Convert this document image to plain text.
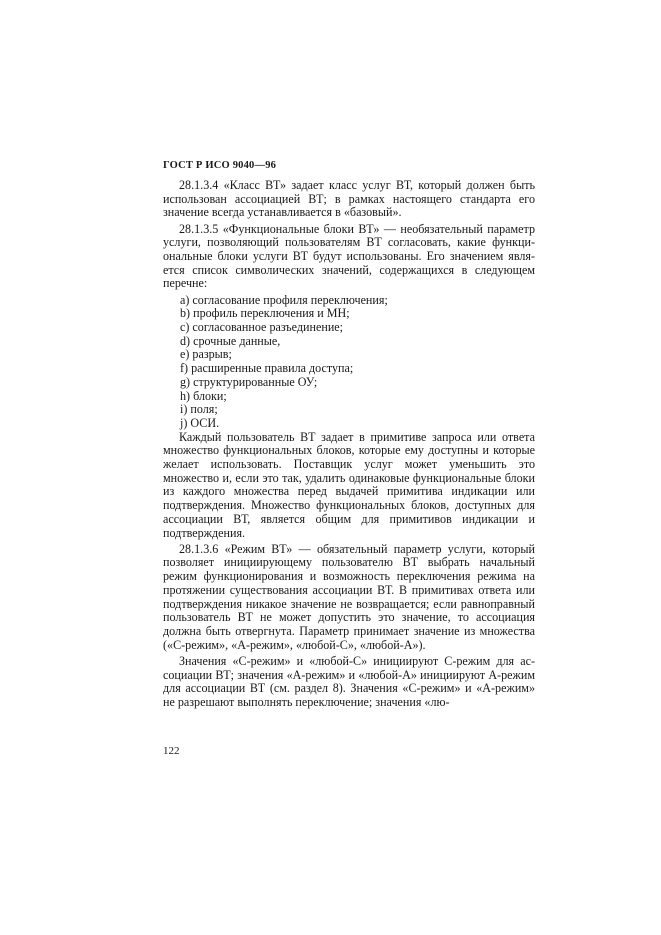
ГОСТ Р ИСО 9040—96

28.1.3.4 «Класс ВТ» задает класс услуг ВТ, который должен быть использован ассоциацией ВТ; в рамках настоящего стандарта его значение всегда устанавливается в «базовый».

28.1.3.5 «Функциональные блоки ВТ» — необязательный параметр услуги, позволяющий пользователям ВТ согласовать, какие функциональные блоки услуги ВТ будут использованы. Его значением является список символических значений, содержащихся в следующем перечне:

а) согласование профиля переключения;
b) профиль переключения и МН;
c) согласованное разъединение;
d) срочные данные,
e) разрыв;
f) расширенные правила доступа;
g) структурированные ОУ;
h) блоки;
i) поля;
j) ОСИ.

Каждый пользователь ВТ задает в примитиве запроса или ответа множество функциональных блоков, которые ему доступны и которые желает использовать. Поставщик услуг может уменьшить это множество и, если это так, удалить одинаковые функциональные блоки из каждого множества перед выдачей примитива индикации или подтверждения. Множество функциональных блоков, доступных для ассоциации ВТ, является общим для примитивов индикации и подтверждения.

28.1.3.6 «Режим ВТ» — обязательный параметр услуги, который позволяет инициирующему пользователю ВТ выбрать начальный режим функционирования и возможность переключения режима на протяжении существования ассоциации ВТ. В примитивах ответа или подтверждения никакое значение не возвращается; если равноправный пользователь ВТ не может допустить это значение, то ассоциация должна быть отвергнута. Параметр принимает значение из множества («С-режим», «А-режим», «любой-С», «любой-А»).

Значения «С-режим» и «любой-С» инициируют С-режим для ассоциации ВТ; значения «А-режим» и «любой-А» инициируют А-режим для ассоциации ВТ (см. раздел 8). Значения «С-режим» и «А-режим» не разрешают выполнять переключение; значения «лю-

122
